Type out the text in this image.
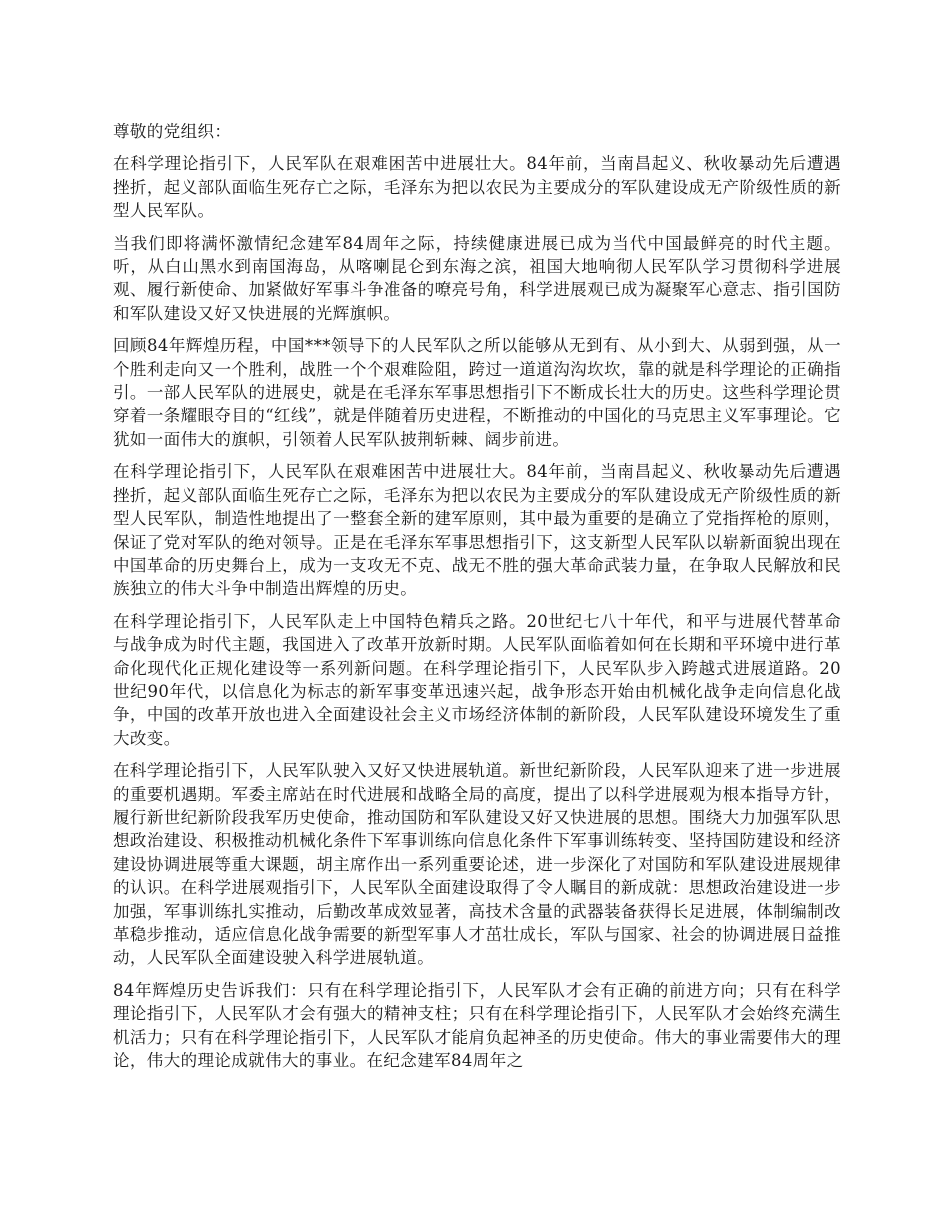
尊敬的党组织：

在科学理论指引下，人民军队在艰难困苦中进展壮大。84年前，当南昌起义、秋收暴动先后遭遇挫折，起义部队面临生死存亡之际，毛泽东为把以农民为主要成分的军队建设成无产阶级性质的新型人民军队。

当我们即将满怀激情纪念建军84周年之际，持续健康进展已成为当代中国最鲜亮的时代主题。听，从白山黑水到南国海岛，从喀喇昆仑到东海之滨，祖国大地响彻人民军队学习贯彻科学进展观、履行新使命、加紧做好军事斗争准备的嘹亮号角，科学进展观已成为凝聚军心意志、指引国防和军队建设又好又快进展的光辉旗帜。

回顾84年辉煌历程，中国***领导下的人民军队之所以能够从无到有、从小到大、从弱到强，从一个胜利走向又一个胜利，战胜一个个艰难险阻，跨过一道道沟沟坎坎，靠的就是科学理论的正确指引。一部人民军队的进展史，就是在毛泽东军事思想指引下不断成长壮大的历史。这些科学理论贯穿着一条耀眼夺目的“红线”，就是伴随着历史进程，不断推动的中国化的马克思主义军事理论。它犹如一面伟大的旗帜，引领着人民军队披荆斩棘、阔步前进。

在科学理论指引下，人民军队在艰难困苦中进展壮大。84年前，当南昌起义、秋收暴动先后遭遇挫折，起义部队面临生死存亡之际，毛泽东为把以农民为主要成分的军队建设成无产阶级性质的新型人民军队，制造性地提出了一整套全新的建军原则，其中最为重要的是确立了党指挥枪的原则，保证了党对军队的绝对领导。正是在毛泽东军事思想指引下，这支新型人民军队以崭新面貌出现在中国革命的历史舞台上，成为一支攻无不克、战无不胜的强大革命武装力量，在争取人民解放和民族独立的伟大斗争中制造出辉煌的历史。

在科学理论指引下，人民军队走上中国特色精兵之路。20世纪七八十年代，和平与进展代替革命与战争成为时代主题，我国进入了改革开放新时期。人民军队面临着如何在长期和平环境中进行革命化现代化正规化建设等一系列新问题。在科学理论指引下，人民军队步入跨越式进展道路。20世纪90年代，以信息化为标志的新军事变革迅速兴起，战争形态开始由机械化战争走向信息化战争，中国的改革开放也进入全面建设社会主义市场经济体制的新阶段，人民军队建设环境发生了重大改变。

在科学理论指引下，人民军队驶入又好又快进展轨道。新世纪新阶段，人民军队迎来了进一步进展的重要机遇期。军委主席站在时代进展和战略全局的高度，提出了以科学进展观为根本指导方针，履行新世纪新阶段我军历史使命，推动国防和军队建设又好又快进展的思想。围绕大力加强军队思想政治建设、积极推动机械化条件下军事训练向信息化条件下军事训练转变、坚持国防建设和经济建设协调进展等重大课题，胡主席作出一系列重要论述，进一步深化了对国防和军队建设进展规律的认识。在科学进展观指引下，人民军队全面建设取得了令人瞩目的新成就：思想政治建设进一步加强，军事训练扎实推动，后勤改革成效显著，高技术含量的武器装备获得长足进展，体制编制改革稳步推动，适应信息化战争需要的新型军事人才茁壮成长，军队与国家、社会的协调进展日益推动，人民军队全面建设驶入科学进展轨道。

84年辉煌历史告诉我们：只有在科学理论指引下，人民军队才会有正确的前进方向；只有在科学理论指引下，人民军队才会有强大的精神支柱；只有在科学理论指引下，人民军队才会始终充满生机活力；只有在科学理论指引下，人民军队才能肩负起神圣的历史使命。伟大的事业需要伟大的理论，伟大的理论成就伟大的事业。在纪念建军84周年之
